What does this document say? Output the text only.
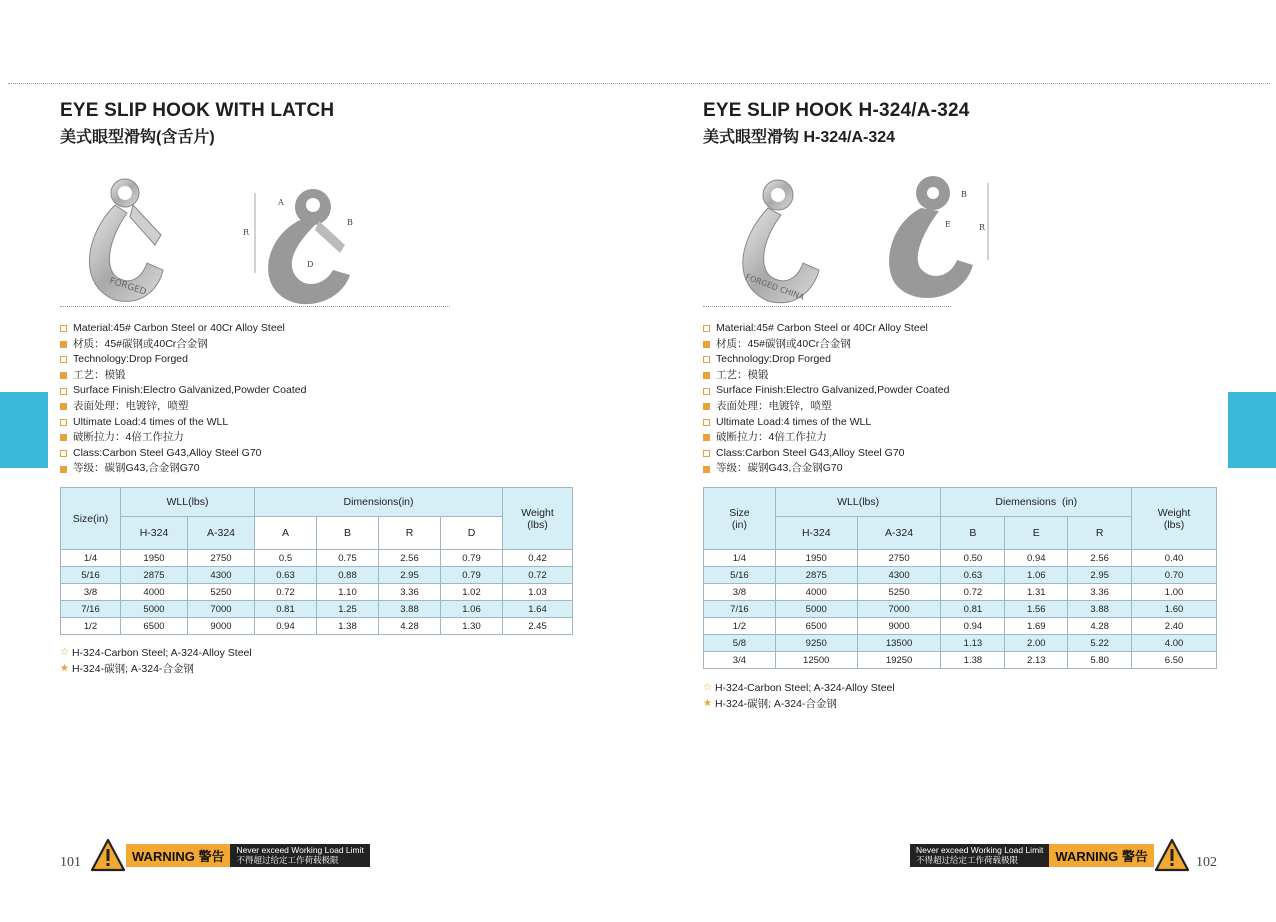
EYE SLIP HOOK WITH LATCH
美式眼型滑钩(含舌片)
FORGED
R
A
B
D
Material:45# Carbon Steel or 40Cr Alloy Steel
材质：45#碳钢或40Cr合金钢
Technology:Drop Forged
工艺：模锻
Surface Finish:Electro Galvanized,Powder Coated
表面处理：电镀锌，喷塑
Ultimate Load:4 times of the WLL
破断拉力：4倍工作拉力
Class:Carbon Steel G43,Alloy Steel G70
等级：碳钢G43,合金钢G70
Size(in)	WLL(lbs)		Dimensions(in)				Weight
(lbs)
	H-324	A-324	A	B	R	D	
1/4	1950	2750	0.5	0.75	2.56	0.79	0.42
5/16	2875	4300	0.63	0.88	2.95	0.79	0.72
3/8	4000	5250	0.72	1.10	3.36	1.02	1.03
7/16	5000	7000	0.81	1.25	3.88	1.06	1.64
1/2	6500	9000	0.94	1.38	4.28	1.30	2.45
☆ H-324-Carbon Steel; A-324-Alloy Steel
★ H-324-碳钢; A-324-合金钢
EYE SLIP HOOK H-324/A-324
美式眼型滑钩 H-324/A-324
FORGED CHINA
B
E	R
Material:45# Carbon Steel or 40Cr Alloy Steel
材质：45#碳钢或40Cr合金钢
Technology:Drop Forged
工艺：模锻
Surface Finish:Electro Galvanized,Powder Coated
表面处理：电镀锌，喷塑
Ultimate Load:4 times of the WLL
破断拉力：4倍工作拉力
Class:Carbon Steel G43,Alloy Steel G70
等级：碳钢G43,合金钢G70
Size
(in)	WLL(lbs)		Diemensions  (in)			Weight
(lbs)
	H-324	A-324	B	E	R	
1/4	1950	2750	0.50	0.94	2.56	0.40
5/16	2875	4300	0.63	1.06	2.95	0.70
3/8	4000	5250	0.72	1.31	3.36	1.00
7/16	5000	7000	0.81	1.56	3.88	1.60
1/2	6500	9000	0.94	1.69	4.28	2.40
5/8	9250	13500	1.13	2.00	5.22	4.00
3/4	12500	19250	1.38	2.13	5.80	6.50
☆ H-324-Carbon Steel; A-324-Alloy Steel
★ H-324-碳钢; A-324-合金钢
101	WARNING 警告	Never exceed Working Load Limit
不得超过给定工作荷载极限
Never exceed Working Load Limit
不得超过给定工作荷载极限	WARNING 警告	102
